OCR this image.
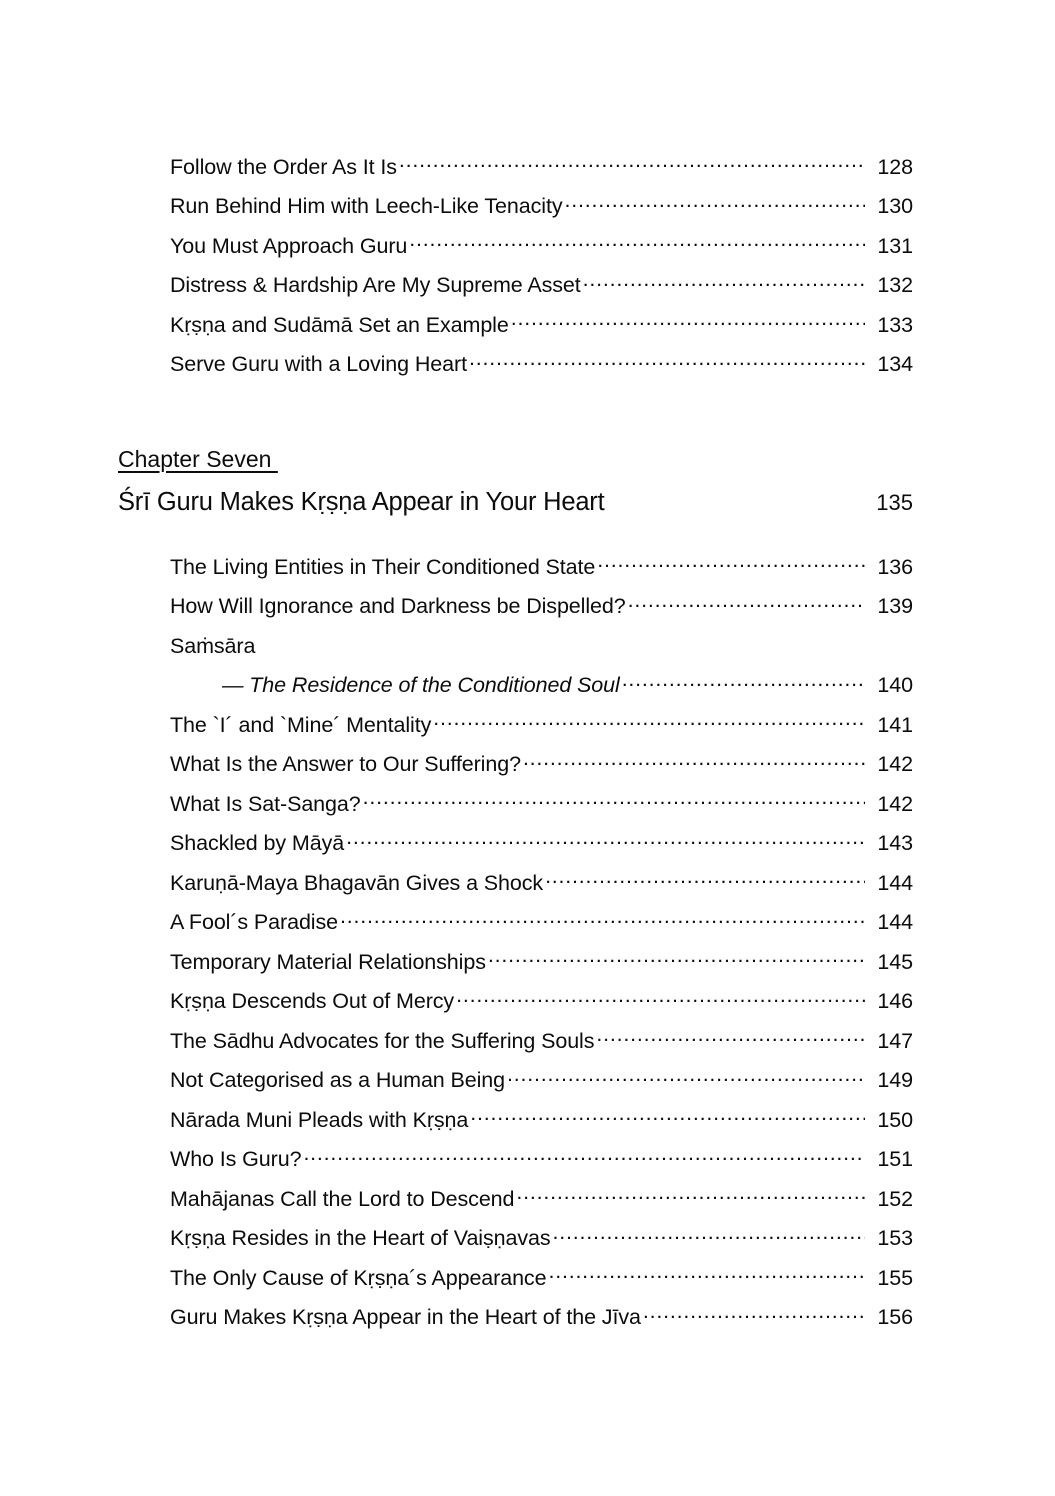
Follow the Order As It Is . . .	128
Run Behind Him with Leech-Like Tenacity . . .	130
You Must Approach Guru . . .	131
Distress & Hardship Are My Supreme Asset . . .	132
Kṛṣṇa and Sudāmā Set an Example . . .	133
Serve Guru with a Loving Heart . . .	134
Chapter Seven
Śrī Guru Makes Kṛṣṇa Appear in Your Heart	135
The Living Entities in Their Conditioned State . . .	136
How Will Ignorance and Darkness be Dispelled? . . .	139
Saṁsāra
— The Residence of the Conditioned Soul . . .	140
The `I´ and `Mine´ Mentality . . .	141
What Is the Answer to Our Suffering? . . .	142
What Is Sat-Sanga? . . .	142
Shackled by Māyā . . .	143
Karuṇā-Maya Bhagavān Gives a Shock . . .	144
A Fool´s Paradise . . .	144
Temporary Material Relationships . . .	145
Kṛṣṇa Descends Out of Mercy . . .	146
The Sādhu Advocates for the Suffering Souls . . .	147
Not Categorised as a Human Being . . .	149
Nārada Muni Pleads with Kṛṣṇa . . .	150
Who Is Guru? . . .	151
Mahājanas Call the Lord to Descend . . .	152
Kṛṣṇa Resides in the Heart of Vaiṣṇavas . . .	153
The Only Cause of Kṛṣṇa´s Appearance . . .	155
Guru Makes Kṛṣṇa Appear in the Heart of the Jīva . . .	156
